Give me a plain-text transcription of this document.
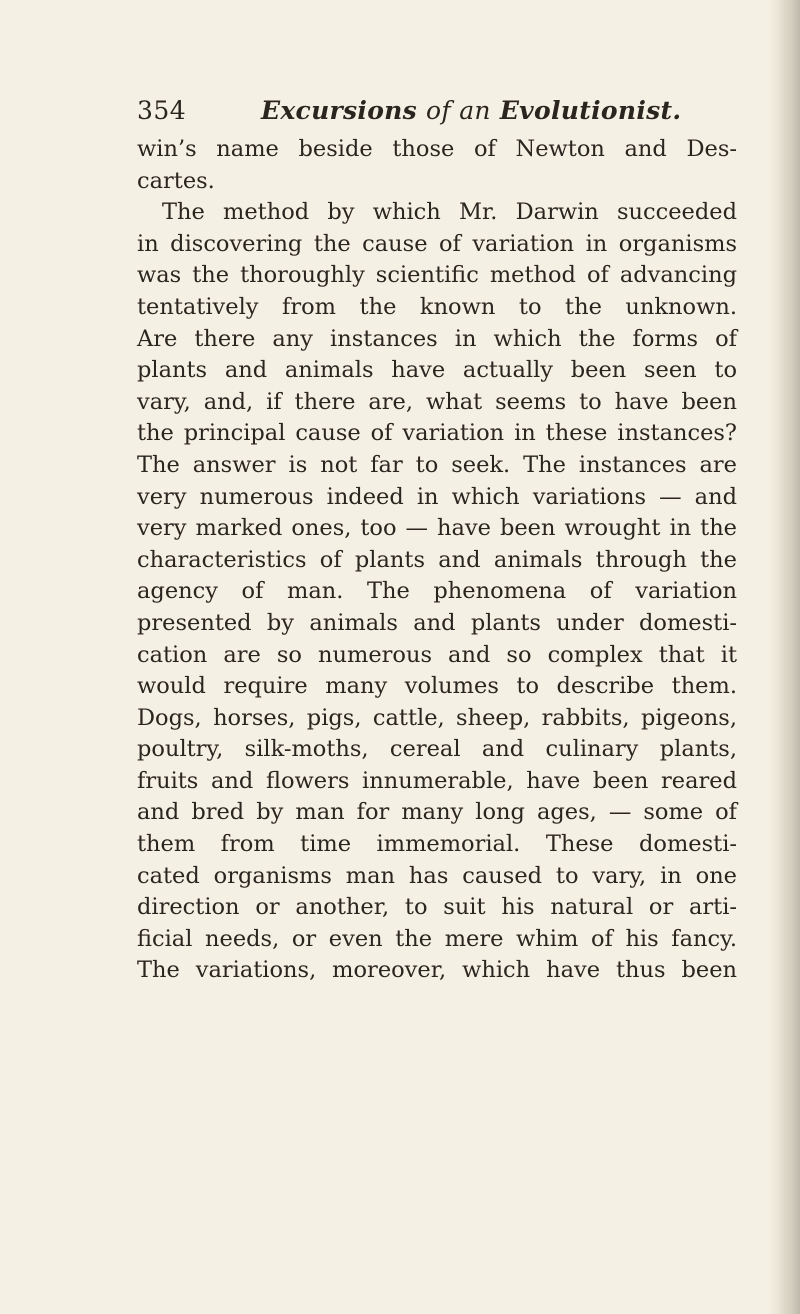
354	Excursions of an Evolutionist.
win’s name beside those of Newton and Des-
cartes.
The method by which Mr. Darwin succeeded
in discovering the cause of variation in organisms
was the thoroughly scientific method of advancing
tentatively from the known to the unknown.
Are there any instances in which the forms of
plants and animals have actually been seen to
vary, and, if there are, what seems to have been
the principal cause of variation in these instances?
The answer is not far to seek. The instances are
very numerous indeed in which variations — and
very marked ones, too — have been wrought in the
characteristics of plants and animals through the
agency of man. The phenomena of variation
presented by animals and plants under domesti-
cation are so numerous and so complex that it
would require many volumes to describe them.
Dogs, horses, pigs, cattle, sheep, rabbits, pigeons,
poultry, silk-moths, cereal and culinary plants,
fruits and flowers innumerable, have been reared
and bred by man for many long ages, — some of
them from time immemorial. These domesti-
cated organisms man has caused to vary, in one
direction or another, to suit his natural or arti-
ficial needs, or even the mere whim of his fancy.
The variations, moreover, which have thus been
